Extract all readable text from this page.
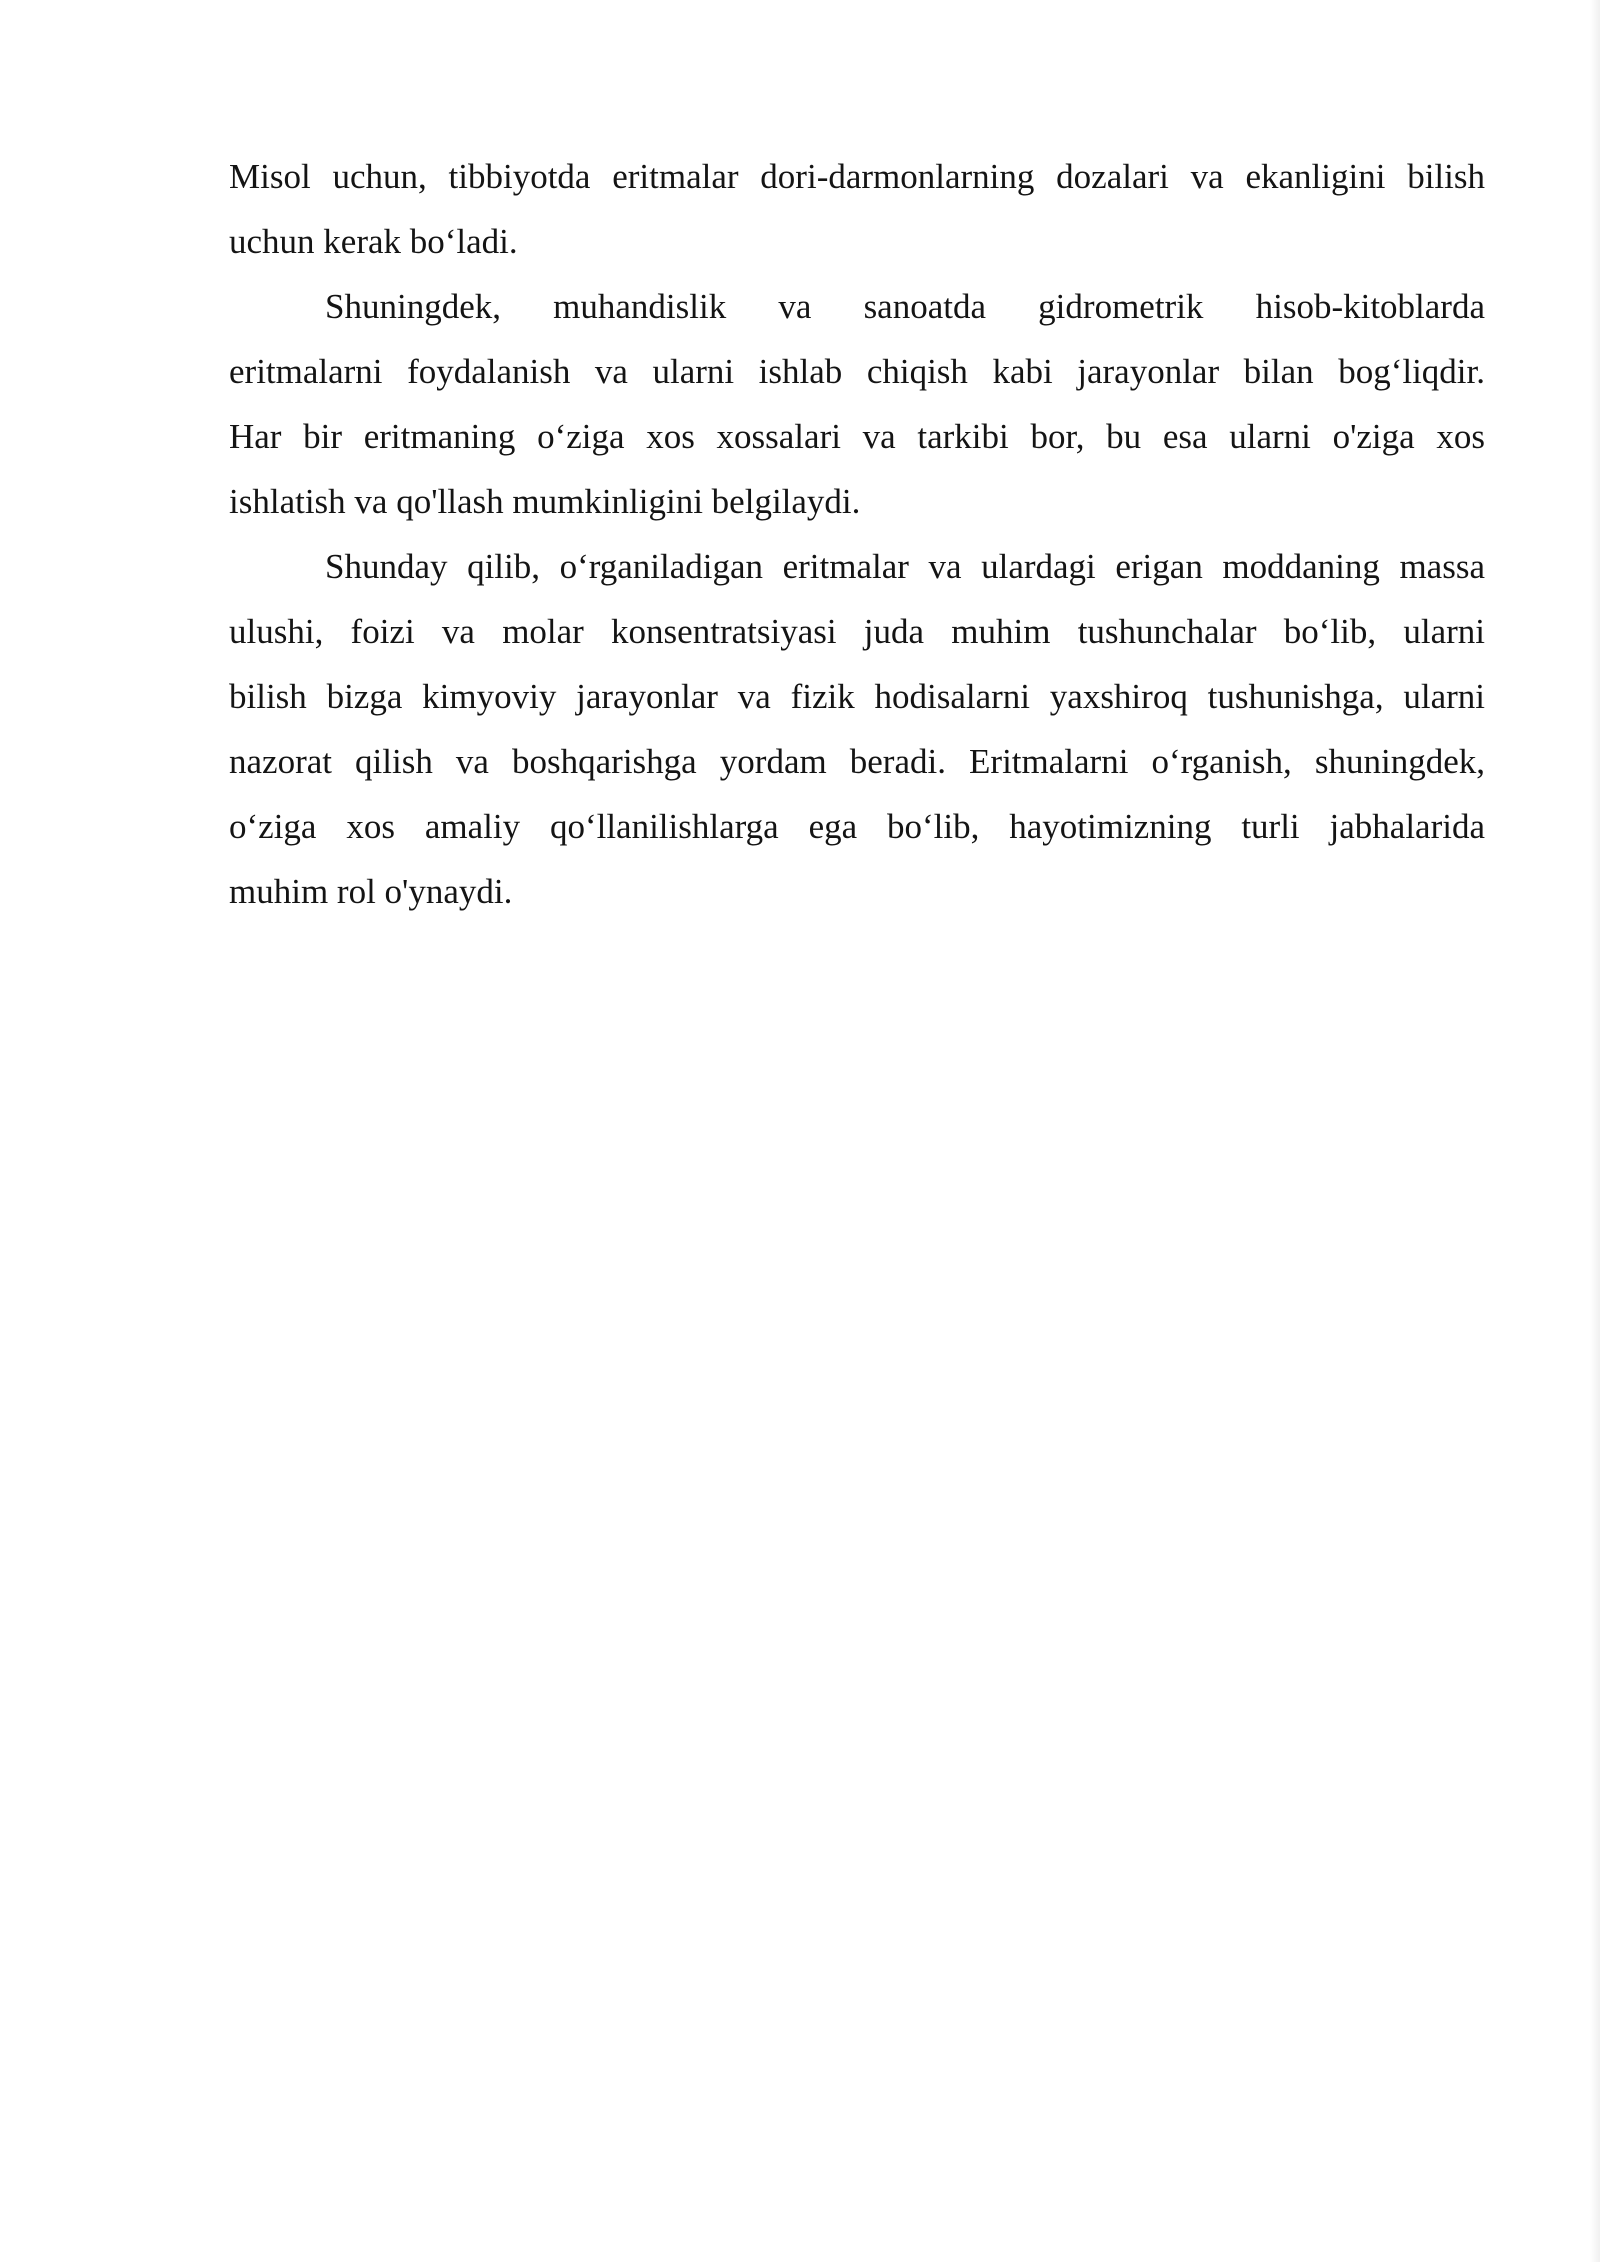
Misol uchun, tibbiyotda eritmalar dori-darmonlarning dozalari va ekanligini bilish
uchun kerak bo‘ladi.

Shuningdek, muhandislik va sanoatda gidrometrik hisob-kitoblarda
eritmalarni foydalanish va ularni ishlab chiqish kabi jarayonlar bilan bog‘liqdir.
Har bir eritmaning o‘ziga xos xossalari va tarkibi bor, bu esa ularni o'ziga xos
ishlatish va qo'llash mumkinligini belgilaydi.

Shunday qilib, o‘rganiladigan eritmalar va ulardagi erigan moddaning massa
ulushi, foizi va molar konsentratsiyasi juda muhim tushunchalar bo‘lib, ularni
bilish bizga kimyoviy jarayonlar va fizik hodisalarni yaxshiroq tushunishga, ularni
nazorat qilish va boshqarishga yordam beradi. Eritmalarni o‘rganish, shuningdek,
o‘ziga xos amaliy qo‘llanilishlarga ega bo‘lib, hayotimizning turli jabhalarida
muhim rol o'ynaydi.
